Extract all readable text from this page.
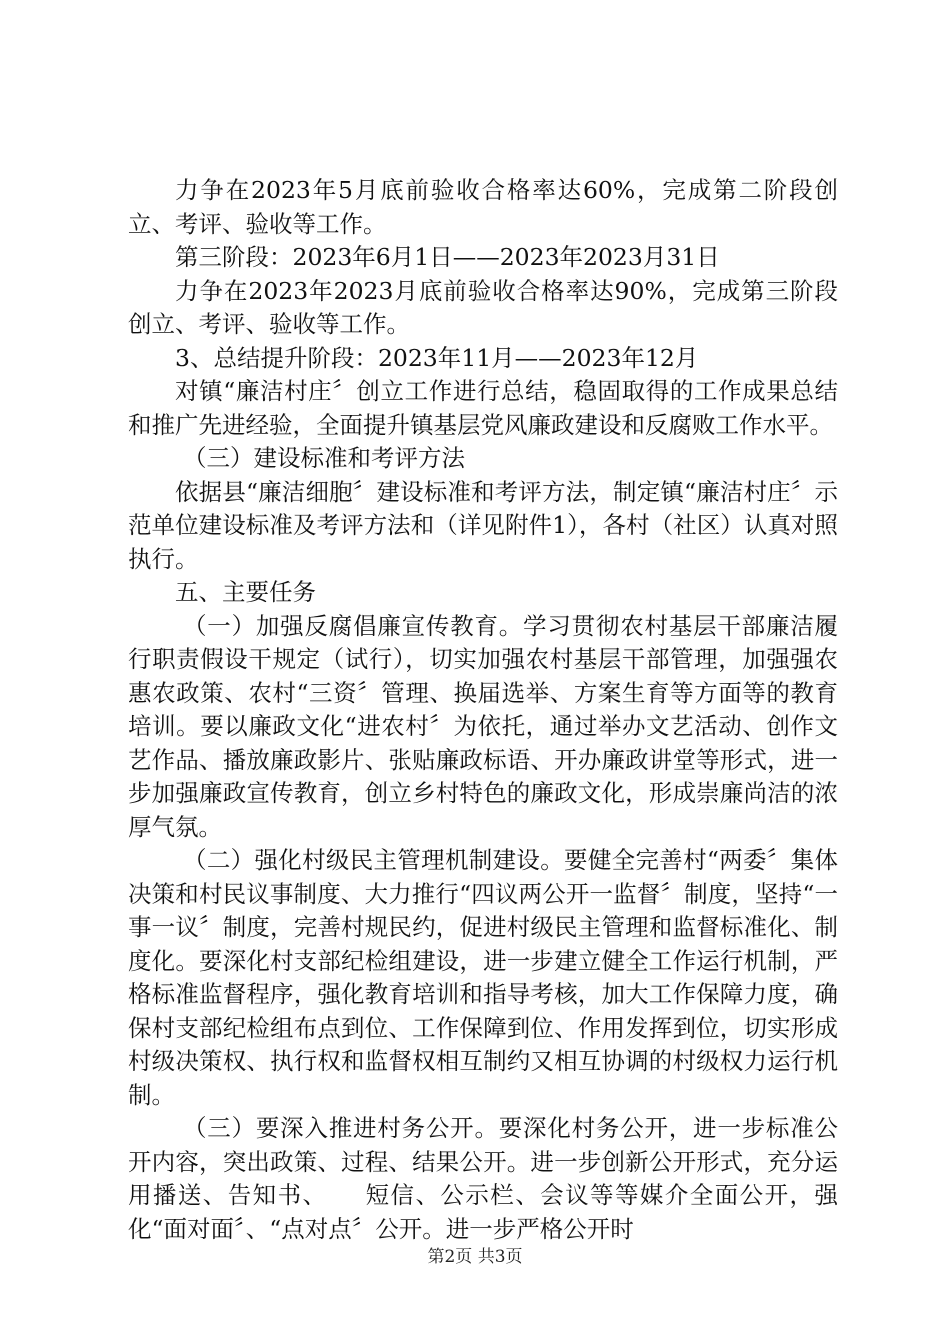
力争在2023年5月底前验收合格率达60%，完成第二阶段创立、考评、验收等工作。

第三阶段：2023年6月1日——2023年2023月31日

力争在2023年2023月底前验收合格率达90%，完成第三阶段创立、考评、验收等工作。

3、总结提升阶段：2023年11月——2023年12月

对镇“廉洁村庄〞创立工作进行总结，稳固取得的工作成果总结和推广先进经验，全面提升镇基层党风廉政建设和反腐败工作水平。

（三）建设标准和考评方法

依据县“廉洁细胞〞建设标准和考评方法，制定镇“廉洁村庄〞示范单位建设标准及考评方法和（详见附件1），各村（社区）认真对照执行。

五、主要任务

（一）加强反腐倡廉宣传教育。学习贯彻农村基层干部廉洁履行职责假设干规定（试行），切实加强农村基层干部管理，加强强农惠农政策、农村“三资〞管理、换届选举、方案生育等方面等的教育培训。要以廉政文化“进农村〞为依托，通过举办文艺活动、创作文艺作品、播放廉政影片、张贴廉政标语、开办廉政讲堂等形式，进一步加强廉政宣传教育，创立乡村特色的廉政文化，形成崇廉尚洁的浓厚气氛。

（二）强化村级民主管理机制建设。要健全完善村“两委〞集体决策和村民议事制度、大力推行“四议两公开一监督〞制度，坚持“一事一议〞制度，完善村规民约，促进村级民主管理和监督标准化、制度化。要深化村支部纪检组建设，进一步建立健全工作运行机制，严格标准监督程序，强化教育培训和指导考核，加大工作保障力度，确保村支部纪检组布点到位、工作保障到位、作用发挥到位，切实形成村级决策权、执行权和监督权相互制约又相互协调的村级权力运行机制。

（三）要深入推进村务公开。要深化村务公开，进一步标准公开内容，突出政策、过程、结果公开。进一步创新公开形式，充分运用播送、告知书、　　短信、公示栏、会议等等媒介全面公开，强化“面对面〞、“点对点〞公开。进一步严格公开时

第2页 共3页
